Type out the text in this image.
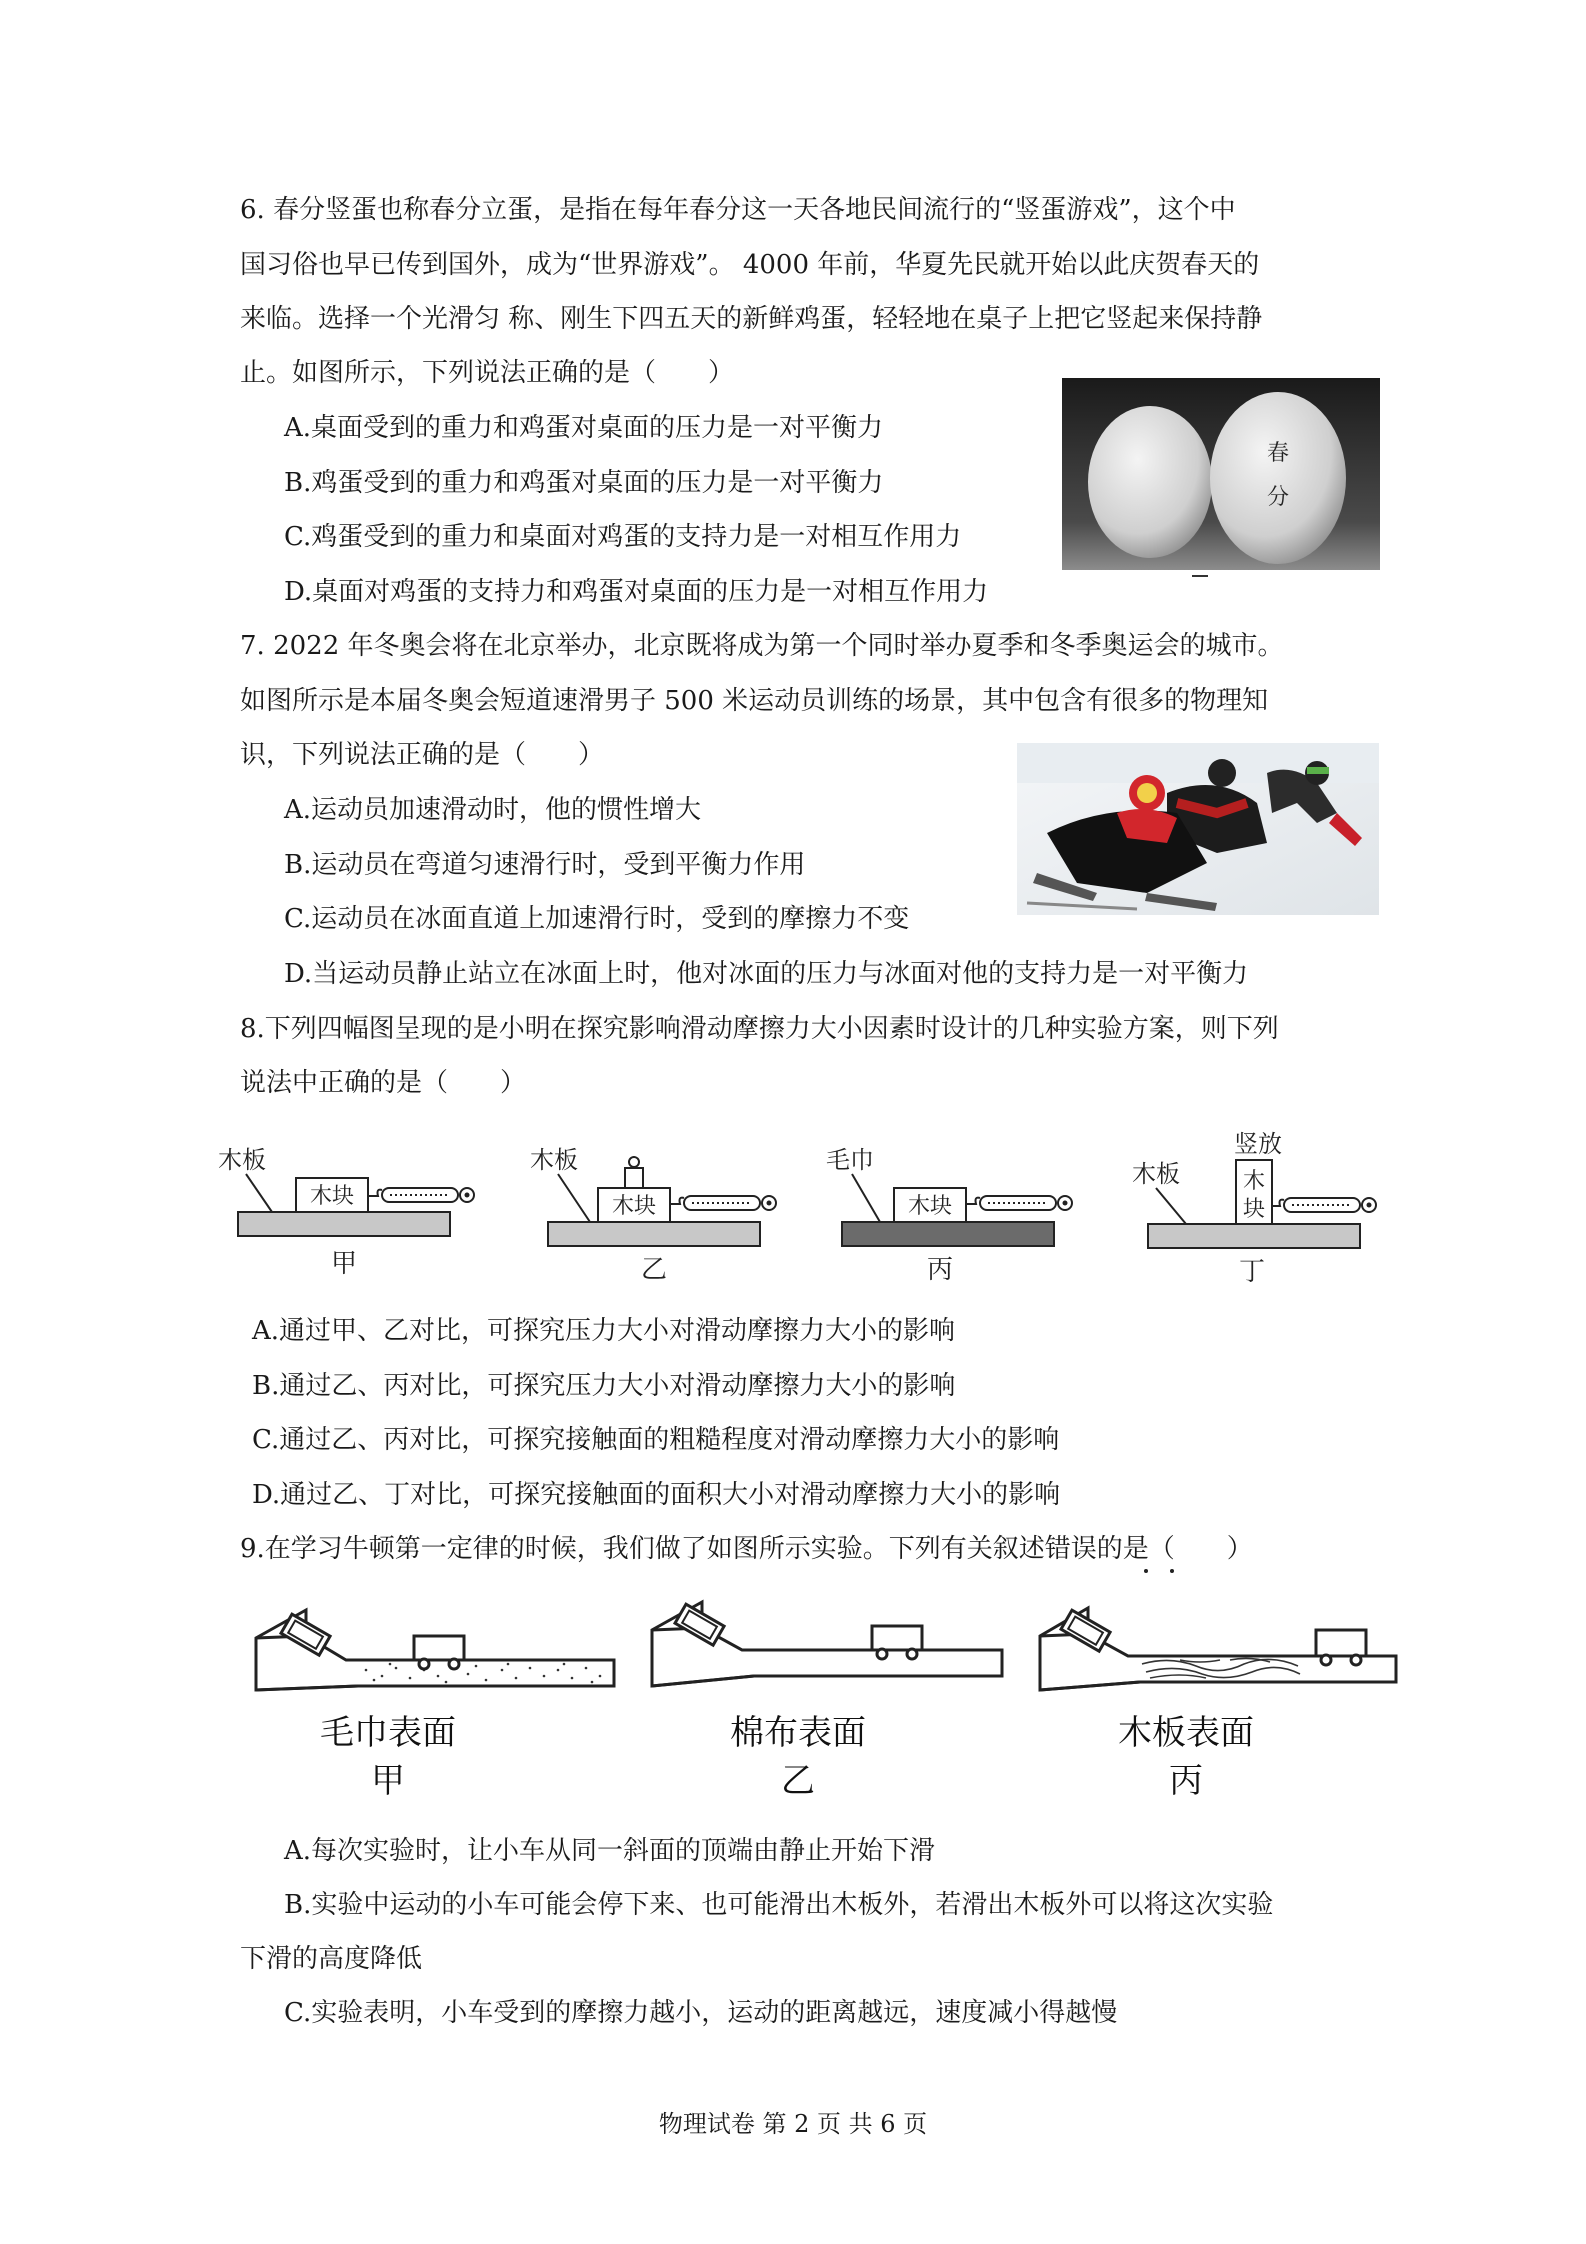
6. 春分竖蛋也称春分立蛋，是指在每年春分这一天各地民间流行的“竖蛋游戏”，这个中
国习俗也早已传到国外，成为“世界游戏”。 4000 年前，华夏先民就开始以此庆贺春天的
来临。选择一个光滑匀 称、刚生下四五天的新鲜鸡蛋，轻轻地在桌子上把它竖起来保持静
止。如图所示，下列说法正确的是（　　）
A.桌面受到的重力和鸡蛋对桌面的压力是一对平衡力
B.鸡蛋受到的重力和鸡蛋对桌面的压力是一对平衡力
C.鸡蛋受到的重力和桌面对鸡蛋的支持力是一对相互作用力
D.桌面对鸡蛋的支持力和鸡蛋对桌面的压力是一对相互作用力
春
分
7. 2022 年冬奥会将在北京举办，北京既将成为第一个同时举办夏季和冬季奥运会的城市。
如图所示是本届冬奥会短道速滑男子 500 米运动员训练的场景，其中包含有很多的物理知
识，下列说法正确的是（　　）
A.运动员加速滑动时，他的惯性增大
B.运动员在弯道匀速滑行时，受到平衡力作用
C.运动员在冰面直道上加速滑行时，受到的摩擦力不变
D.当运动员静止站立在冰面上时，他对冰面的压力与冰面对他的支持力是一对平衡力
8.下列四幅图呈现的是小明在探究影响滑动摩擦力大小因素时设计的几种实验方案，则下列
说法中正确的是（　　）
木板
木块
甲
木板
木块
乙
毛巾
木块
丙
竖放
木板	木
块
丁
A.通过甲、乙对比，可探究压力大小对滑动摩擦力大小的影响
B.通过乙、丙对比，可探究压力大小对滑动摩擦力大小的影响
C.通过乙、丙对比，可探究接触面的粗糙程度对滑动摩擦力大小的影响
D.通过乙、丁对比，可探究接触面的面积大小对滑动摩擦力大小的影响
9.在学习牛顿第一定律的时候，我们做了如图所示实验。下列有关叙述错误的是（　　）
毛巾表面
甲
棉布表面
乙
木板表面
丙
A.每次实验时，让小车从同一斜面的顶端由静止开始下滑
B.实验中运动的小车可能会停下来、也可能滑出木板外，若滑出木板外可以将这次实验
下滑的高度降低
C.实验表明，小车受到的摩擦力越小，运动的距离越远，速度减小得越慢
物理试卷 第 2 页 共 6 页
